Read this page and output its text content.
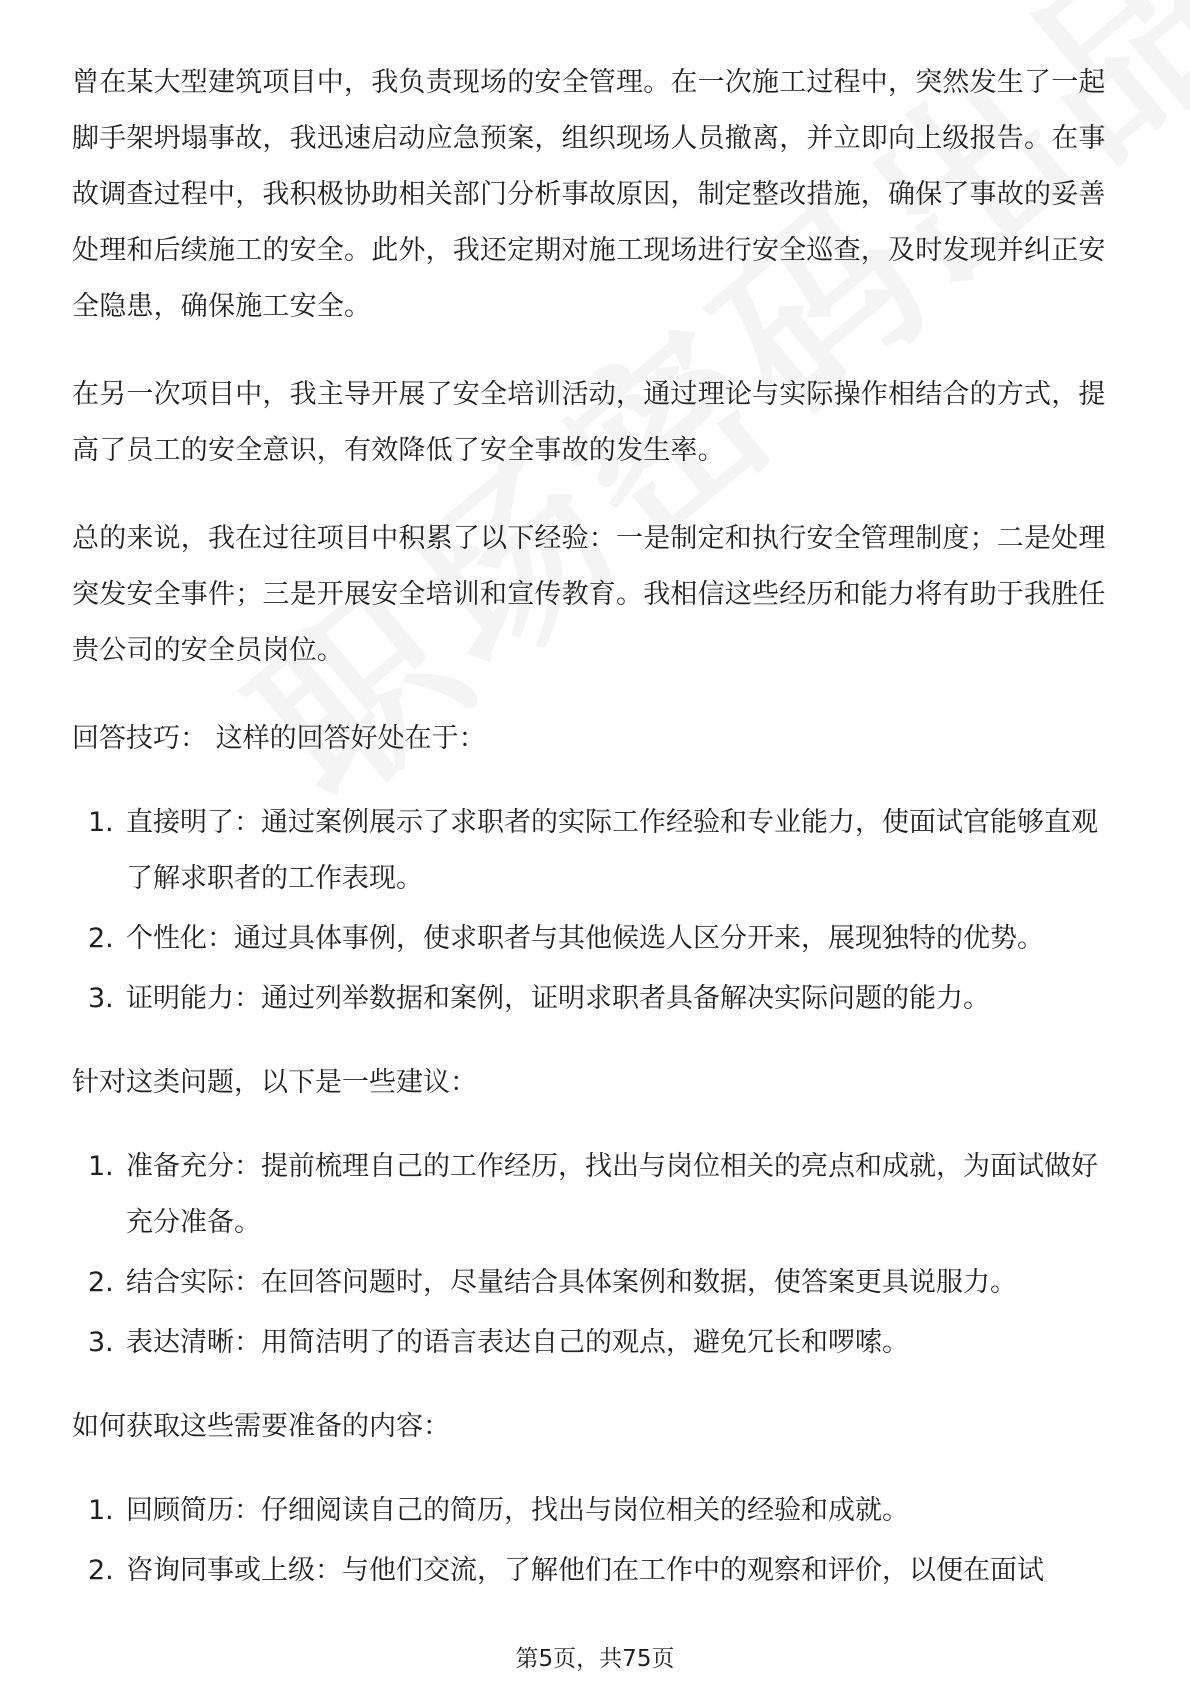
曾在某大型建筑项目中，我负责现场的安全管理。在一次施工过程中，突然发生了一起脚手架坍塌事故，我迅速启动应急预案，组织现场人员撤离，并立即向上级报告。在事故调查过程中，我积极协助相关部门分析事故原因，制定整改措施，确保了事故的妥善处理和后续施工的安全。此外，我还定期对施工现场进行安全巡查，及时发现并纠正安全隐患，确保施工安全。

在另一次项目中，我主导开展了安全培训活动，通过理论与实际操作相结合的方式，提高了员工的安全意识，有效降低了安全事故的发生率。

总的来说，我在过往项目中积累了以下经验：一是制定和执行安全管理制度；二是处理突发安全事件；三是开展安全培训和宣传教育。我相信这些经历和能力将有助于我胜任贵公司的安全员岗位。

回答技巧： 这样的回答好处在于：
1. 直接明了：通过案例展示了求职者的实际工作经验和专业能力，使面试官能够直观了解求职者的工作表现。
2. 个性化：通过具体事例，使求职者与其他候选人区分开来，展现独特的优势。
3. 证明能力：通过列举数据和案例，证明求职者具备解决实际问题的能力。
针对这类问题，以下是一些建议：
1. 准备充分：提前梳理自己的工作经历，找出与岗位相关的亮点和成就，为面试做好充分准备。
2. 结合实际：在回答问题时，尽量结合具体案例和数据，使答案更具说服力。
3. 表达清晰：用简洁明了的语言表达自己的观点，避免冗长和啰嗦。
如何获取这些需要准备的内容：
1. 回顾简历：仔细阅读自己的简历，找出与岗位相关的经验和成就。
2. 咨询同事或上级：与他们交流，了解他们在工作中的观察和评价，以便在面试
第5页，共75页
